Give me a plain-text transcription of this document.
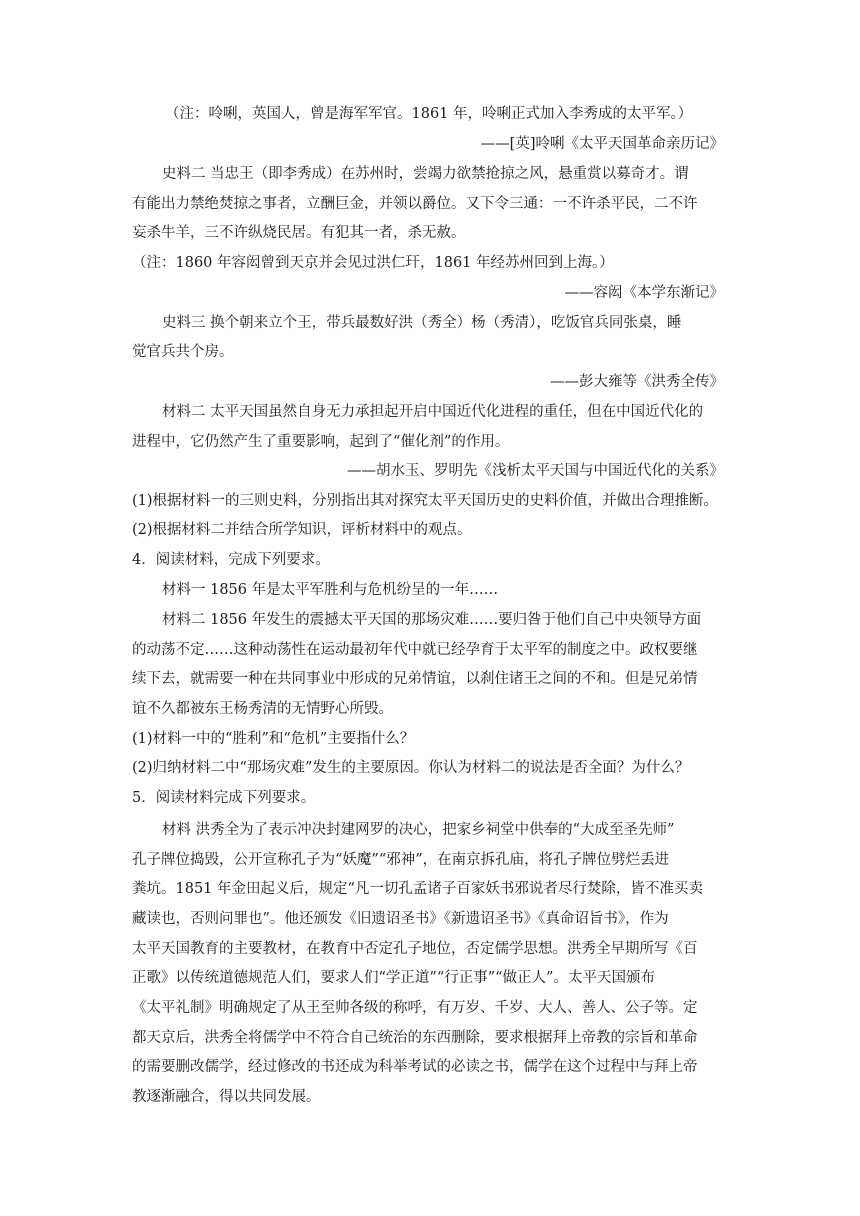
（注：呤唎，英国人，曾是海军军官。1861 年，呤唎正式加入李秀成的太平军。）
——[英]呤唎《太平天国革命亲历记》
史料二 当忠王（即李秀成）在苏州时，尝竭力欲禁抢掠之风，悬重赏以募奇才。谓
有能出力禁绝焚掠之事者，立酬巨金，并领以爵位。又下令三通：一不许杀平民，二不许
妄杀牛羊，三不许纵烧民居。有犯其一者，杀无赦。
（注：1860 年容闳曾到天京并会见过洪仁玕，1861 年经苏州回到上海。）
——容闳《本学东渐记》
史料三 换个朝来立个王，带兵最数好洪（秀全）杨（秀清），吃饭官兵同张桌，睡
觉官兵共个房。
——彭大雍等《洪秀全传》
材料二 太平天国虽然自身无力承担起开启中国近代化进程的重任，但在中国近代化的
进程中，它仍然产生了重要影响，起到了“催化剂”的作用。
——胡水玉、罗明先《浅析太平天国与中国近代化的关系》
(1)根据材料一的三则史料，分别指出其对探究太平天国历史的史料价值，并做出合理推断。
(2)根据材料二并结合所学知识，评析材料中的观点。
4．阅读材料，完成下列要求。
材料一 1856 年是太平军胜利与危机纷呈的一年……
材料二 1856 年发生的震撼太平天国的那场灾难……要归咎于他们自己中央领导方面
的动荡不定……这种动荡性在运动最初年代中就已经孕育于太平军的制度之中。政权要继
续下去，就需要一种在共同事业中形成的兄弟情谊，以刹住诸王之间的不和。但是兄弟情
谊不久都被东王杨秀清的无情野心所毁。
(1)材料一中的“胜利”和“危机”主要指什么？
(2)归纳材料二中“那场灾难”发生的主要原因。你认为材料二的说法是否全面？为什么？
5．阅读材料完成下列要求。
材料 洪秀全为了表示冲决封建网罗的决心，把家乡祠堂中供奉的“大成至圣先师”
孔子牌位捣毁，公开宣称孔子为“妖魔”“邪神”，在南京拆孔庙，将孔子牌位劈烂丢进
粪坑。1851 年金田起义后，规定“凡一切孔孟诸子百家妖书邪说者尽行焚除，皆不准买卖
藏读也，否则问罪也”。他还颁发《旧遗诏圣书》《新遗诏圣书》《真命诏旨书》，作为
太平天国教育的主要教材，在教育中否定孔子地位，否定儒学思想。洪秀全早期所写《百
正歌》以传统道德规范人们，要求人们“学正道”“行正事”“做正人”。太平天国颁布
《太平礼制》明确规定了从王至帅各级的称呼，有万岁、千岁、大人、善人、公子等。定
都天京后，洪秀全将儒学中不符合自己统治的东西删除，要求根据拜上帝教的宗旨和革命
的需要删改儒学，经过修改的书还成为科举考试的必读之书，儒学在这个过程中与拜上帝
教逐渐融合，得以共同发展。
